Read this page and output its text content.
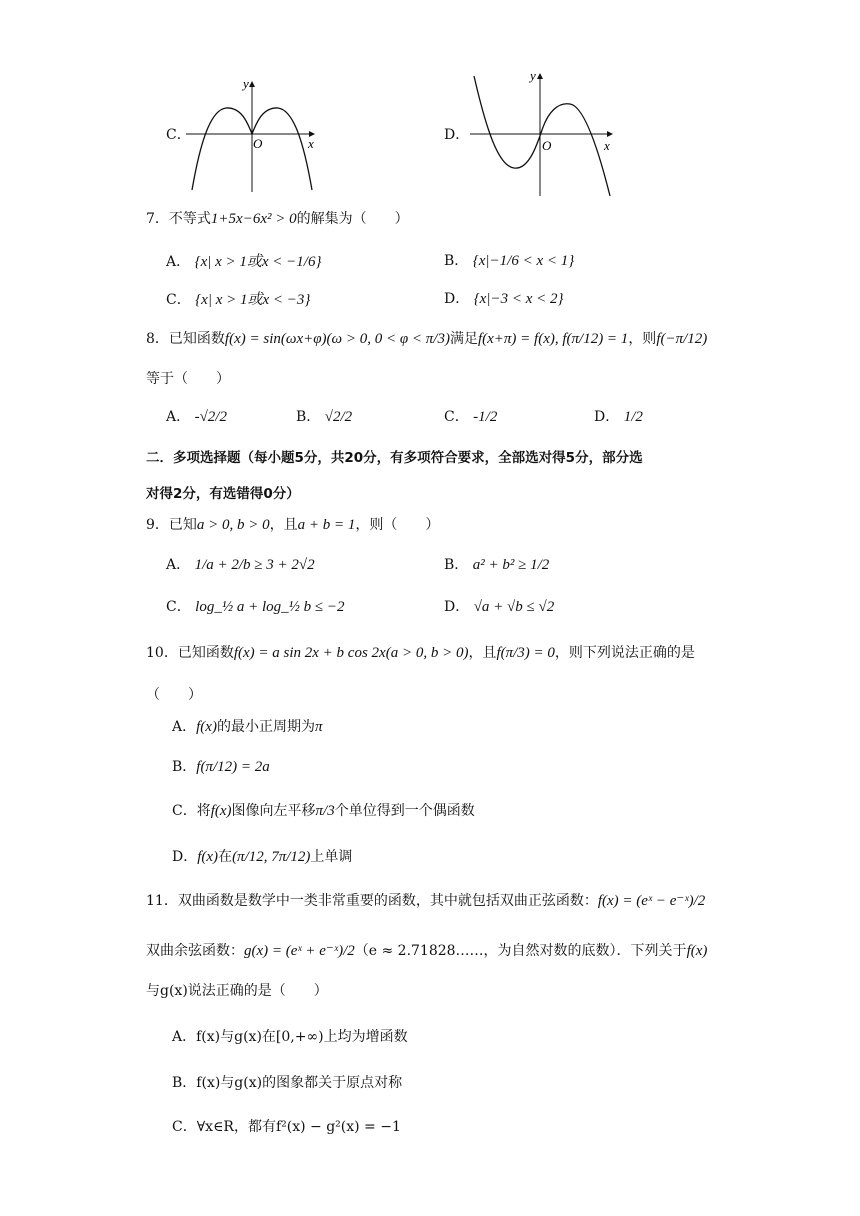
C．
y
x
O
D．
y
x
O
7．不等式1+5x−6x² > 0的解集为（　　）
A． {x| x > 1或x < −1/6}	B． {x|−1/6 < x < 1}
C． {x| x > 1或x < −3}	D． {x|−3 < x < 2}
8．已知函数f(x) = sin(ωx+φ)(ω > 0, 0 < φ < π/3)满足f(x+π) = f(x), f(π/12) = 1，则f(−π/12)
等于（　　）
A． -√2/2	B． √2/2	C． -1/2	D． 1/2
二．多项选择题（每小题5分，共20分，有多项符合要求，全部选对得5分，部分选
对得2分，有选错得0分）
9．已知a > 0, b > 0，且a + b = 1，则（　　）
A． 1/a + 2/b ≥ 3 + 2√2	B． a² + b² ≥ 1/2
C． log_½ a + log_½ b ≤ −2	D． √a + √b ≤ √2
10．已知函数f(x) = a sin 2x + b cos 2x(a > 0, b > 0)，且f(π/3) = 0，则下列说法正确的是
（　　）
A．f(x)的最小正周期为π
B．f(π/12) = 2a
C．将f(x)图像向左平移π/3个单位得到一个偶函数
D．f(x)在(π/12, 7π/12)上单调
11．双曲函数是数学中一类非常重要的函数，其中就包括双曲正弦函数：f(x) = (eˣ − e⁻ˣ)/2
双曲余弦函数：g(x) = (eˣ + e⁻ˣ)/2（e ≈ 2.71828……，为自然对数的底数）．下列关于f(x)
与g(x)说法正确的是（　　）
A．f(x)与g(x)在[0,+∞)上均为增函数
B．f(x)与g(x)的图象都关于原点对称
C．∀x∈R，都有f²(x) − g²(x) = −1
